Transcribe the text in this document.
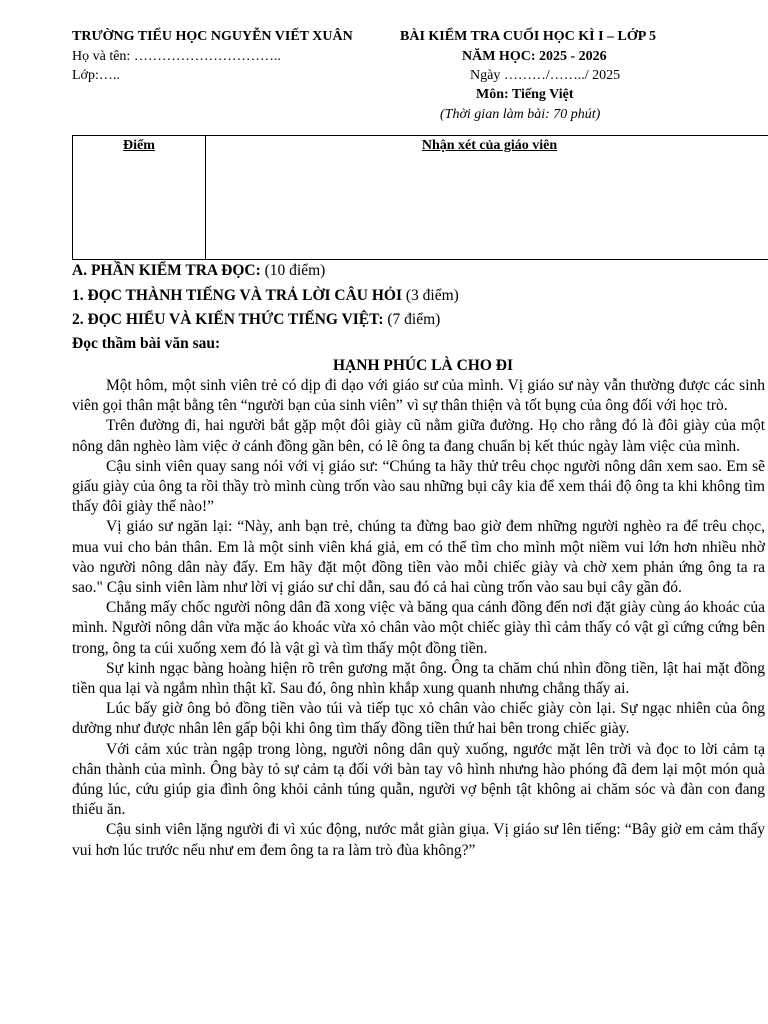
TRƯỜNG TIỂU HỌC NGUYỄN VIẾT XUÂN	BÀI KIỂM TRA CUỐI HỌC KÌ I – LỚP 5
Họ và tên: …………………………..	NĂM HỌC: 2025 - 2026
Lớp:…..	Ngày ………/……../ 2025
Môn: Tiếng Việt
(Thời gian làm bài: 70 phút)
Điểm	Nhận xét của giáo viên
A. PHẦN KIỂM TRA ĐỌC: (10 điểm)
1. ĐỌC THÀNH TIẾNG VÀ TRẢ LỜI CÂU HỎI (3 điểm)
2. ĐỌC HIỂU VÀ KIẾN THỨC TIẾNG VIỆT: (7 điểm)
Đọc thầm bài văn sau:
HẠNH PHÚC LÀ CHO ĐI

Một hôm, một sinh viên trẻ có dịp đi dạo với giáo sư của mình. Vị giáo sư này vẫn thường được các sinh viên gọi thân mật bằng tên “người bạn của sinh viên” vì sự thân thiện và tốt bụng của ông đối với học trò.

Trên đường đi, hai người bắt gặp một đôi giày cũ nằm giữa đường. Họ cho rằng đó là đôi giày của một nông dân nghèo làm việc ở cánh đồng gần bên, có lẽ ông ta đang chuẩn bị kết thúc ngày làm việc của mình.

Cậu sinh viên quay sang nói với vị giáo sư: “Chúng ta hãy thử trêu chọc người nông dân xem sao. Em sẽ giấu giày của ông ta rồi thầy trò mình cùng trốn vào sau những bụi cây kia để xem thái độ ông ta khi không tìm thấy đôi giày thế nào!”

Vị giáo sư ngăn lại: “Này, anh bạn trẻ, chúng ta đừng bao giờ đem những người nghèo ra để trêu chọc, mua vui cho bản thân. Em là một sinh viên khá giả, em có thể tìm cho mình một niềm vui lớn hơn nhiều nhờ vào người nông dân này đấy. Em hãy đặt một đồng tiền vào mỗi chiếc giày và chờ xem phản ứng ông ta ra sao." Cậu sinh viên làm như lời vị giáo sư chỉ dẫn, sau đó cả hai cùng trốn vào sau bụi cây gần đó.

Chẳng mấy chốc người nông dân đã xong việc và băng qua cánh đồng đến nơi đặt giày cùng áo khoác của mình. Người nông dân vừa mặc áo khoác vừa xỏ chân vào một chiếc giày thì cảm thấy có vật gì cứng cứng bên trong, ông ta cúi xuống xem đó là vật gì và tìm thấy một đồng tiền.

Sự kinh ngạc bàng hoàng hiện rõ trên gương mặt ông. Ông ta chăm chú nhìn đồng tiền, lật hai mặt đồng tiền qua lại và ngắm nhìn thật kĩ. Sau đó, ông nhìn khắp xung quanh nhưng chẳng thấy ai.

Lúc bấy giờ ông bỏ đồng tiền vào túi và tiếp tục xỏ chân vào chiếc giày còn lại. Sự ngạc nhiên của ông dường như được nhân lên gấp bội khi ông tìm thấy đồng tiền thứ hai bên trong chiếc giày.

Với cảm xúc tràn ngập trong lòng, người nông dân quỳ xuống, ngước mặt lên trời và đọc to lời cảm tạ chân thành của mình. Ông bày tỏ sự cảm tạ đối với bàn tay vô hình nhưng hào phóng đã đem lại một món quà đúng lúc, cứu giúp gia đình ông khỏi cảnh túng quẫn, người vợ bệnh tật không ai chăm sóc và đàn con đang thiếu ăn.

Cậu sinh viên lặng người đi vì xúc động, nước mắt giàn giụa. Vị giáo sư lên tiếng: “Bây giờ em cảm thấy vui hơn lúc trước nếu như em đem ông ta ra làm trò đùa không?”
